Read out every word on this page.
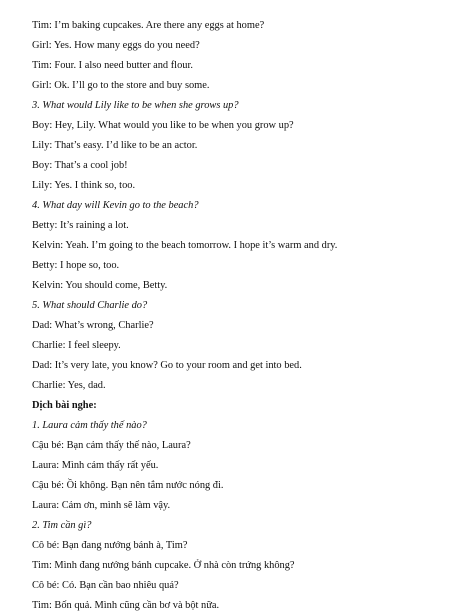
Tim: I’m baking cupcakes. Are there any eggs at home?
Girl: Yes. How many eggs do you need?
Tim: Four. I also need butter and flour.
Girl: Ok. I’ll go to the store and buy some.
3. What would Lily like to be when she grows up?
Boy: Hey, Lily. What would you like to be when you grow up?
Lily: That’s easy. I’d like to be an actor.
Boy: That’s a cool job!
Lily: Yes. I think so, too.
4. What day will Kevin go to the beach?
Betty: It’s raining a lot.
Kelvin: Yeah. I’m going to the beach tomorrow. I hope it’s warm and dry.
Betty: I hope so, too.
Kelvin: You should come, Betty.
5. What should Charlie do?
Dad: What’s wrong, Charlie?
Charlie: I feel sleepy.
Dad: It’s very late, you know? Go to your room and get into bed.
Charlie: Yes, dad.
Dịch bài nghe:
1. Laura cảm thấy thế nào?
Cậu bé: Bạn cảm thấy thế nào, Laura?
Laura: Mình cảm thấy rất yếu.
Cậu bé: Ồi không. Bạn nên tắm nước nóng đi.
Laura: Cảm ơn, mình sẽ làm vậy.
2. Tim cần gì?
Cô bé: Bạn đang nướng bánh à, Tim?
Tim: Mình đang nướng bánh cupcake. Ở nhà còn trứng không?
Cô bé: Có. Bạn cần bao nhiêu quả?
Tim: Bốn quả. Mình cũng cần bơ và bột nữa.
